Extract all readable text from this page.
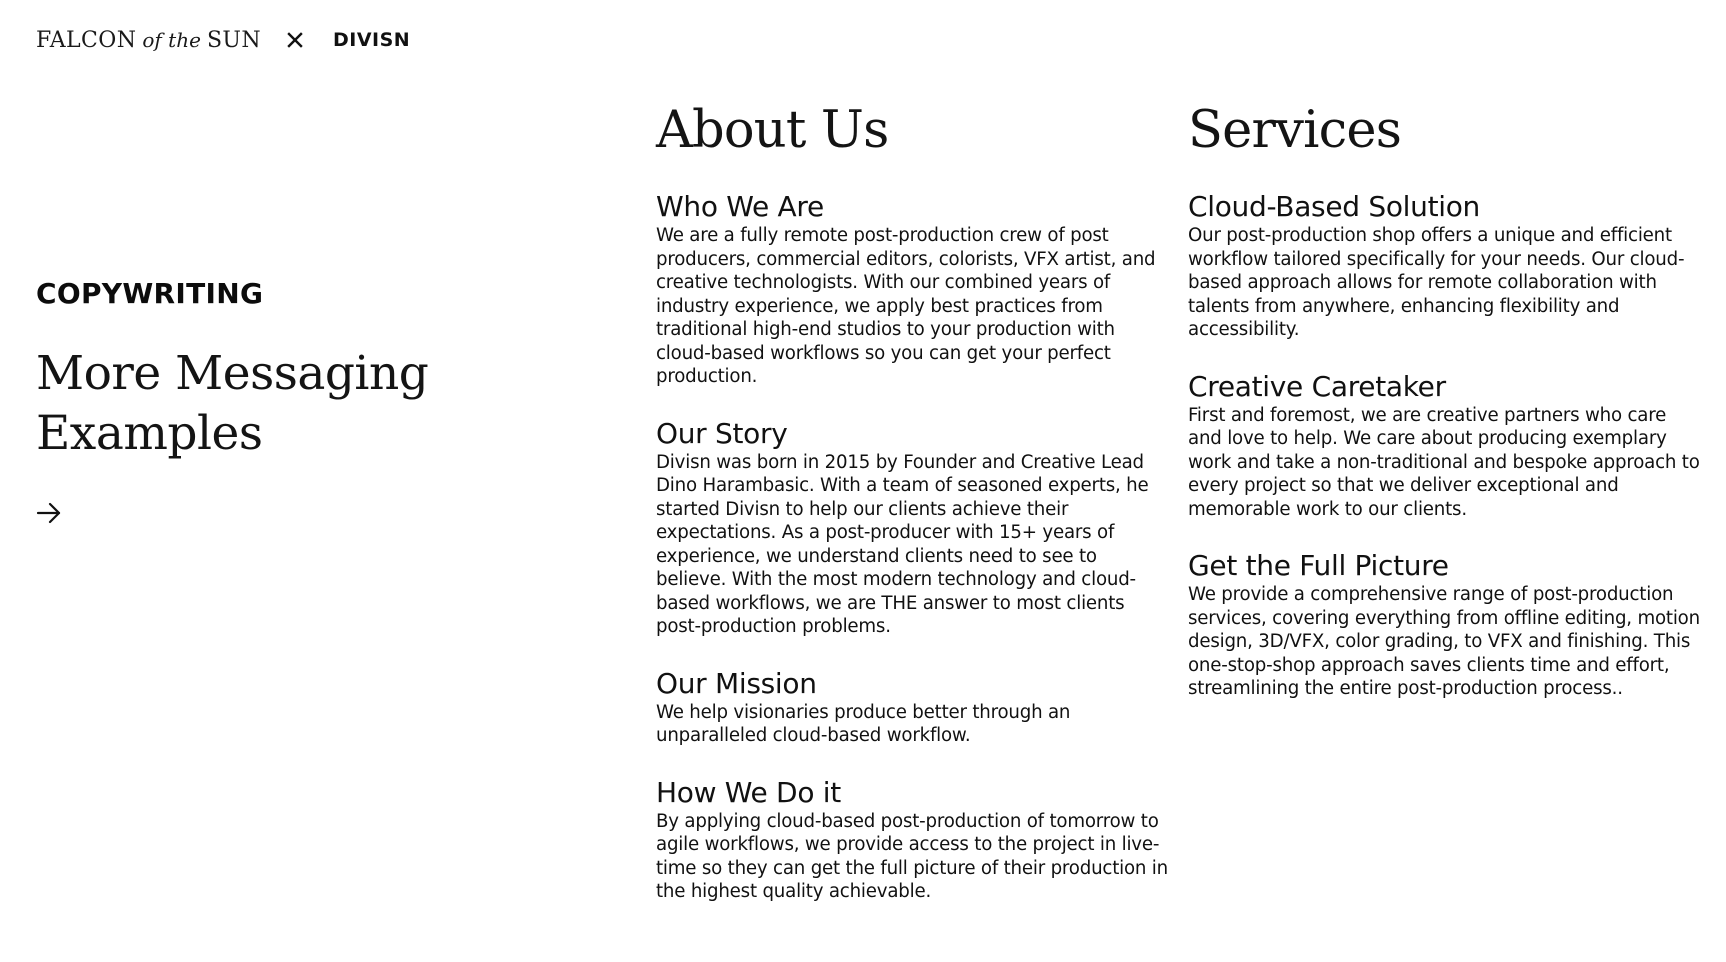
FALCON of the SUN	DIVISN
COPYWRITING
More Messaging
Examples
About Us
Who We Are

We are a fully remote post-production crew of post producers, commercial editors, colorists, VFX artist, and creative technologists. With our combined years of industry experience, we apply best practices from traditional high-end studios to your production with cloud-based workflows so you can get your perfect production.

Our Story

Divisn was born in 2015 by Founder and Creative Lead Dino Harambasic. With a team of seasoned experts, he started Divisn to help our clients achieve their expectations. As a post-producer with 15+ years of experience, we understand clients need to see to believe. With the most modern technology and cloud-based workflows, we are THE answer to most clients post-production problems.

Our Mission

We help visionaries produce better through an unparalleled cloud-based workflow.

How We Do it

By applying cloud-based post-production of tomorrow to agile workflows, we provide access to the project in live-time so they can get the full picture of their production in the highest quality achievable.

Services
Cloud-Based Solution

Our post-production shop offers a unique and efficient workflow tailored specifically for your needs. Our cloud-based approach allows for remote collaboration with talents from anywhere, enhancing flexibility and accessibility.

Creative Caretaker

First and foremost, we are creative partners who care and love to help. We care about producing exemplary work and take a non-traditional and bespoke approach to every project so that we deliver exceptional and memorable work to our clients.

Get the Full Picture

We provide a comprehensive range of post-production services, covering everything from offline editing, motion design, 3D/VFX, color grading, to VFX and finishing. This one-stop-shop approach saves clients time and effort, streamlining the entire post-production process..
